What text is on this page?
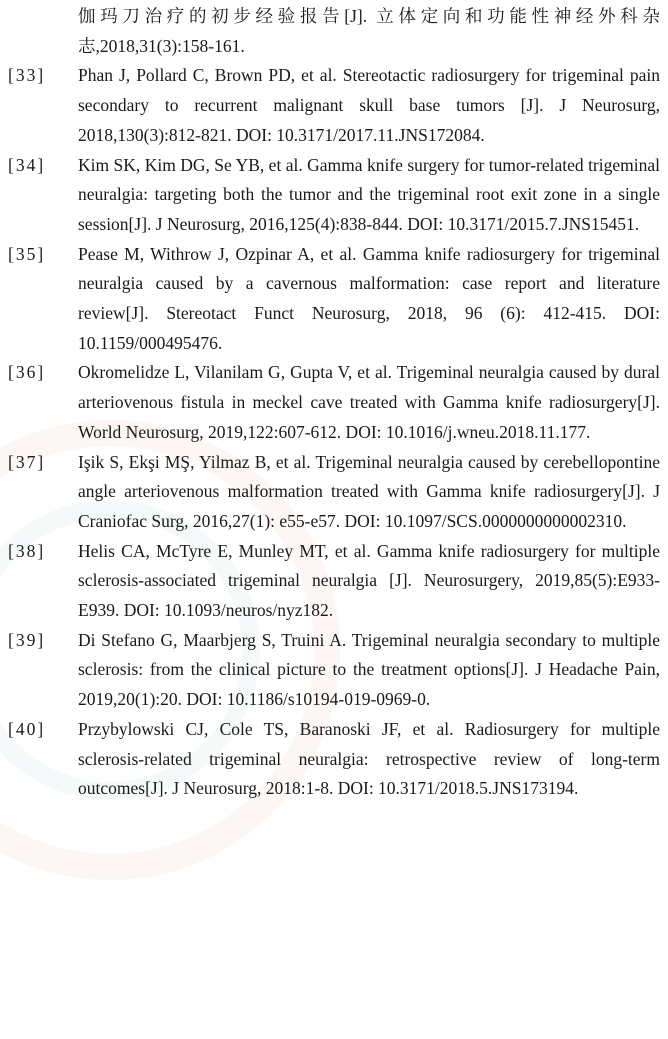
伽玛刀治疗的初步经验报告[J]. 立体定向和功能性神经外科杂志,2018,31(3):158-161.
[33]	Phan J, Pollard C, Brown PD, et al. Stereotactic radiosurgery for trigeminal pain secondary to recurrent malignant skull base tumors [J]. J Neurosurg, 2018,130(3):812-821. DOI: 10.3171/2017.11.JNS172084.
[34]	Kim SK, Kim DG, Se YB, et al. Gamma knife surgery for tumor-related trigeminal neuralgia: targeting both the tumor and the trigeminal root exit zone in a single session[J]. J Neurosurg, 2016,125(4):838-844. DOI: 10.3171/2015.7.JNS15451.
[35]	Pease M, Withrow J, Ozpinar A, et al. Gamma knife radiosurgery for trigeminal neuralgia caused by a cavernous malformation: case report and literature review[J]. Stereotact Funct Neurosurg, 2018, 96 (6): 412-415. DOI: 10.1159/000495476.
[36]	Okromelidze L, Vilanilam G, Gupta V, et al. Trigeminal neuralgia caused by dural arteriovenous fistula in meckel cave treated with Gamma knife radiosurgery[J]. World Neurosurg, 2019,122:607-612. DOI: 10.1016/j.wneu.2018.11.177.
[37]	Işik S, Ekşi MŞ, Yilmaz B, et al. Trigeminal neuralgia caused by cerebellopontine angle arteriovenous malformation treated with Gamma knife radiosurgery[J]. J Craniofac Surg, 2016,27(1): e55-e57. DOI: 10.1097/SCS.0000000000002310.
[38]	Helis CA, McTyre E, Munley MT, et al. Gamma knife radiosurgery for multiple sclerosis-associated trigeminal neuralgia [J]. Neurosurgery, 2019,85(5):E933-E939. DOI: 10.1093/neuros/nyz182.
[39]	Di Stefano G, Maarbjerg S, Truini A. Trigeminal neuralgia secondary to multiple sclerosis: from the clinical picture to the treatment options[J]. J Headache Pain, 2019,20(1):20. DOI: 10.1186/s10194-019-0969-0.
[40]	Przybylowski CJ, Cole TS, Baranoski JF, et al. Radiosurgery for multiple sclerosis-related trigeminal neuralgia: retrospective review of long-term outcomes[J]. J Neurosurg, 2018:1-8. DOI: 10.3171/2018.5.JNS173194.
